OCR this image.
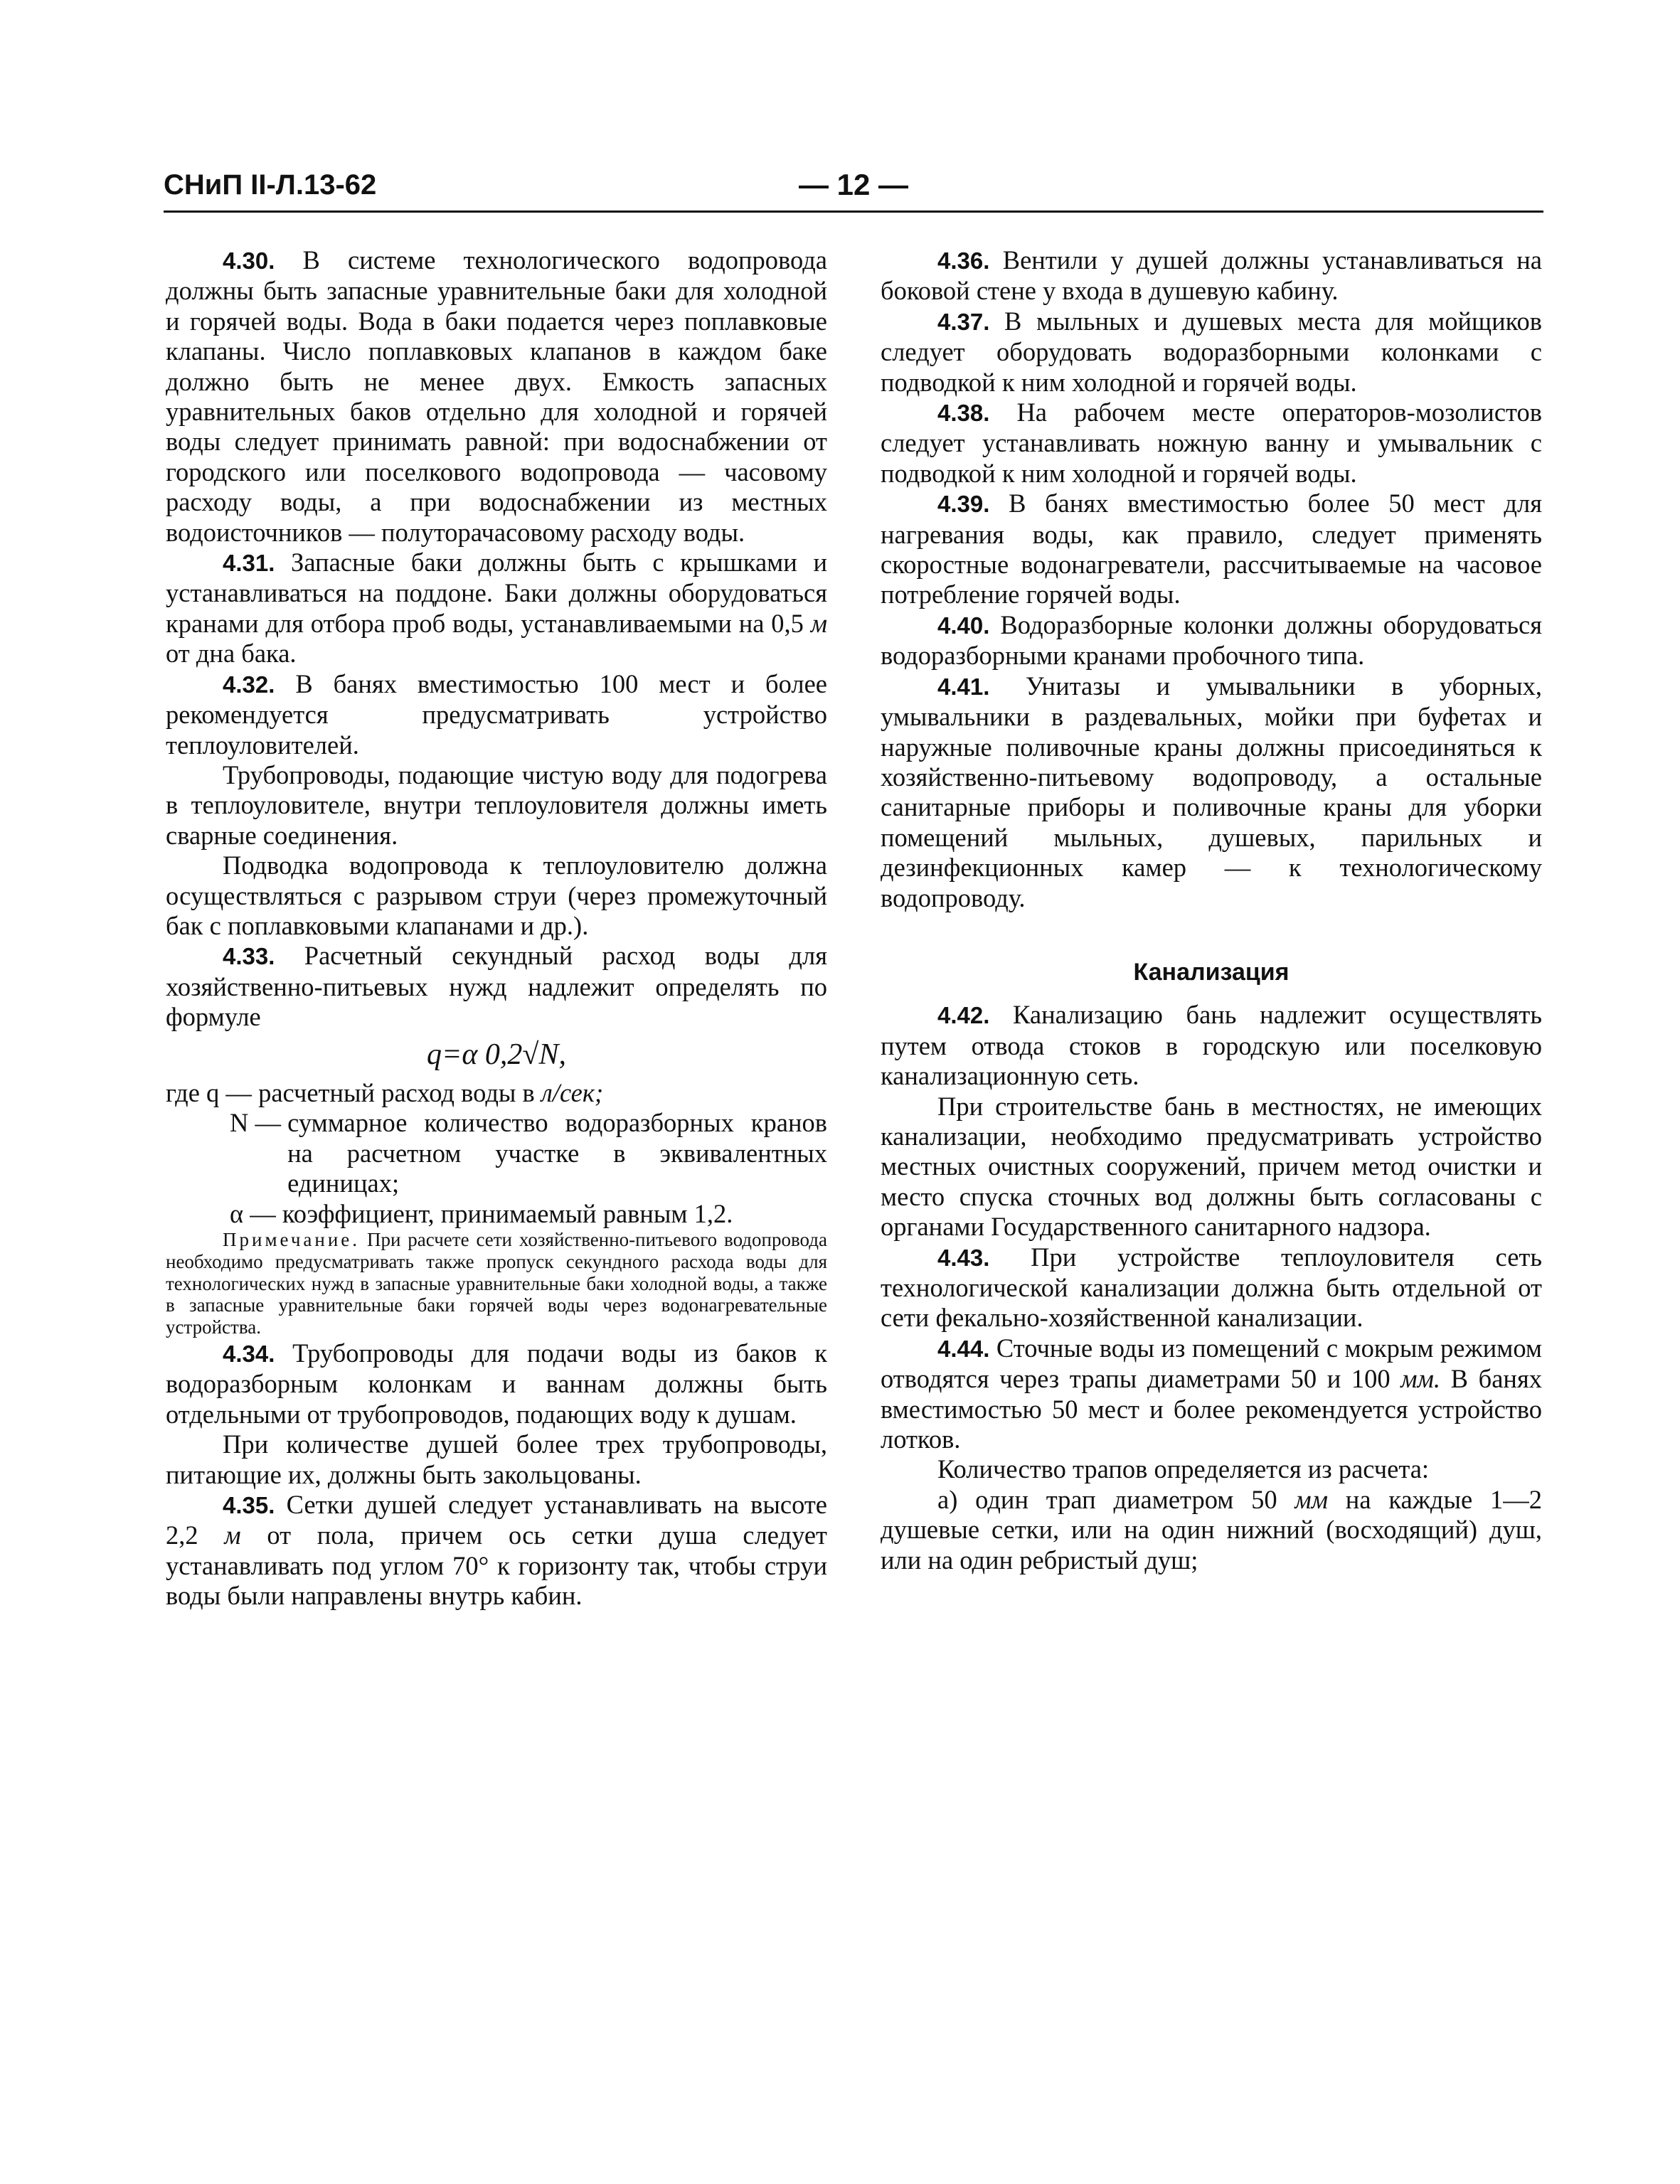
СНиП II-Л.13-62	— 12 —

4.30. В системе технологического водопровода должны быть запасные уравнительные баки для холодной и горячей воды. Вода в баки подается через поплавковые клапаны. Число поплавковых клапанов в каждом баке должно быть не менее двух. Емкость запасных уравнительных баков отдельно для холодной и горячей воды следует принимать равной: при водоснабжении от городского или поселкового водопровода — часовому расходу воды, а при водоснабжении из местных водоисточников — полуторачасовому расходу воды.

4.31. Запасные баки должны быть с крышками и устанавливаться на поддоне. Баки должны оборудоваться кранами для отбора проб воды, устанавливаемыми на 0,5 м от дна бака.

4.32. В банях вместимостью 100 мест и более рекомендуется предусматривать устройство теплоуловителей.

Трубопроводы, подающие чистую воду для подогрева в теплоуловителе, внутри теплоуловителя должны иметь сварные соединения.

Подводка водопровода к теплоуловителю должна осуществляться с разрывом струи (через промежуточный бак с поплавковыми клапанами и др.).

4.33. Расчетный секундный расход воды для хозяйственно-питьевых нужд надлежит определять по формуле

q=α 0,2√N,
где q — расчетный расход воды в л/сек;
N — суммарное количество водоразборных кранов на расчетном участке в эквивалентных единицах;
α — коэффициент, принимаемый равным 1,2.

Примечание. При расчете сети хозяйственно-питьевого водопровода необходимо предусматривать также пропуск секундного расхода воды для технологических нужд в запасные уравнительные баки холодной воды, а также в запасные уравнительные баки горячей воды через водонагревательные устройства.

4.34. Трубопроводы для подачи воды из баков к водоразборным колонкам и ваннам должны быть отдельными от трубопроводов, подающих воду к душам.

При количестве душей более трех трубопроводы, питающие их, должны быть закольцованы.

4.35. Сетки душей следует устанавливать на высоте 2,2 м от пола, причем ось сетки душа следует устанавливать под углом 70° к горизонту так, чтобы струи воды были направлены внутрь кабин.

4.36. Вентили у душей должны устанавливаться на боковой стене у входа в душевую кабину.

4.37. В мыльных и душевых места для мойщиков следует оборудовать водоразборными колонками с подводкой к ним холодной и горячей воды.

4.38. На рабочем месте операторов-мозолистов следует устанавливать ножную ванну и умывальник с подводкой к ним холодной и горячей воды.

4.39. В банях вместимостью более 50 мест для нагревания воды, как правило, следует применять скоростные водонагреватели, рассчитываемые на часовое потребление горячей воды.

4.40. Водоразборные колонки должны оборудоваться водоразборными кранами пробочного типа.

4.41. Унитазы и умывальники в уборных, умывальники в раздевальных, мойки при буфетах и наружные поливочные краны должны присоединяться к хозяйственно-питьевому водопроводу, а остальные санитарные приборы и поливочные краны для уборки помещений мыльных, душевых, парильных и дезинфекционных камер — к технологическому водопроводу.

Канализация

4.42. Канализацию бань надлежит осуществлять путем отвода стоков в городскую или поселковую канализационную сеть.

При строительстве бань в местностях, не имеющих канализации, необходимо предусматривать устройство местных очистных сооружений, причем метод очистки и место спуска сточных вод должны быть согласованы с органами Государственного санитарного надзора.

4.43. При устройстве теплоуловителя сеть технологической канализации должна быть отдельной от сети фекально-хозяйственной канализации.

4.44. Сточные воды из помещений с мокрым режимом отводятся через трапы диаметрами 50 и 100 мм. В банях вместимостью 50 мест и более рекомендуется устройство лотков.

Количество трапов определяется из расчета:

а) один трап диаметром 50 мм на каждые 1—2 душевые сетки, или на один нижний (восходящий) душ, или на один ребристый душ;
